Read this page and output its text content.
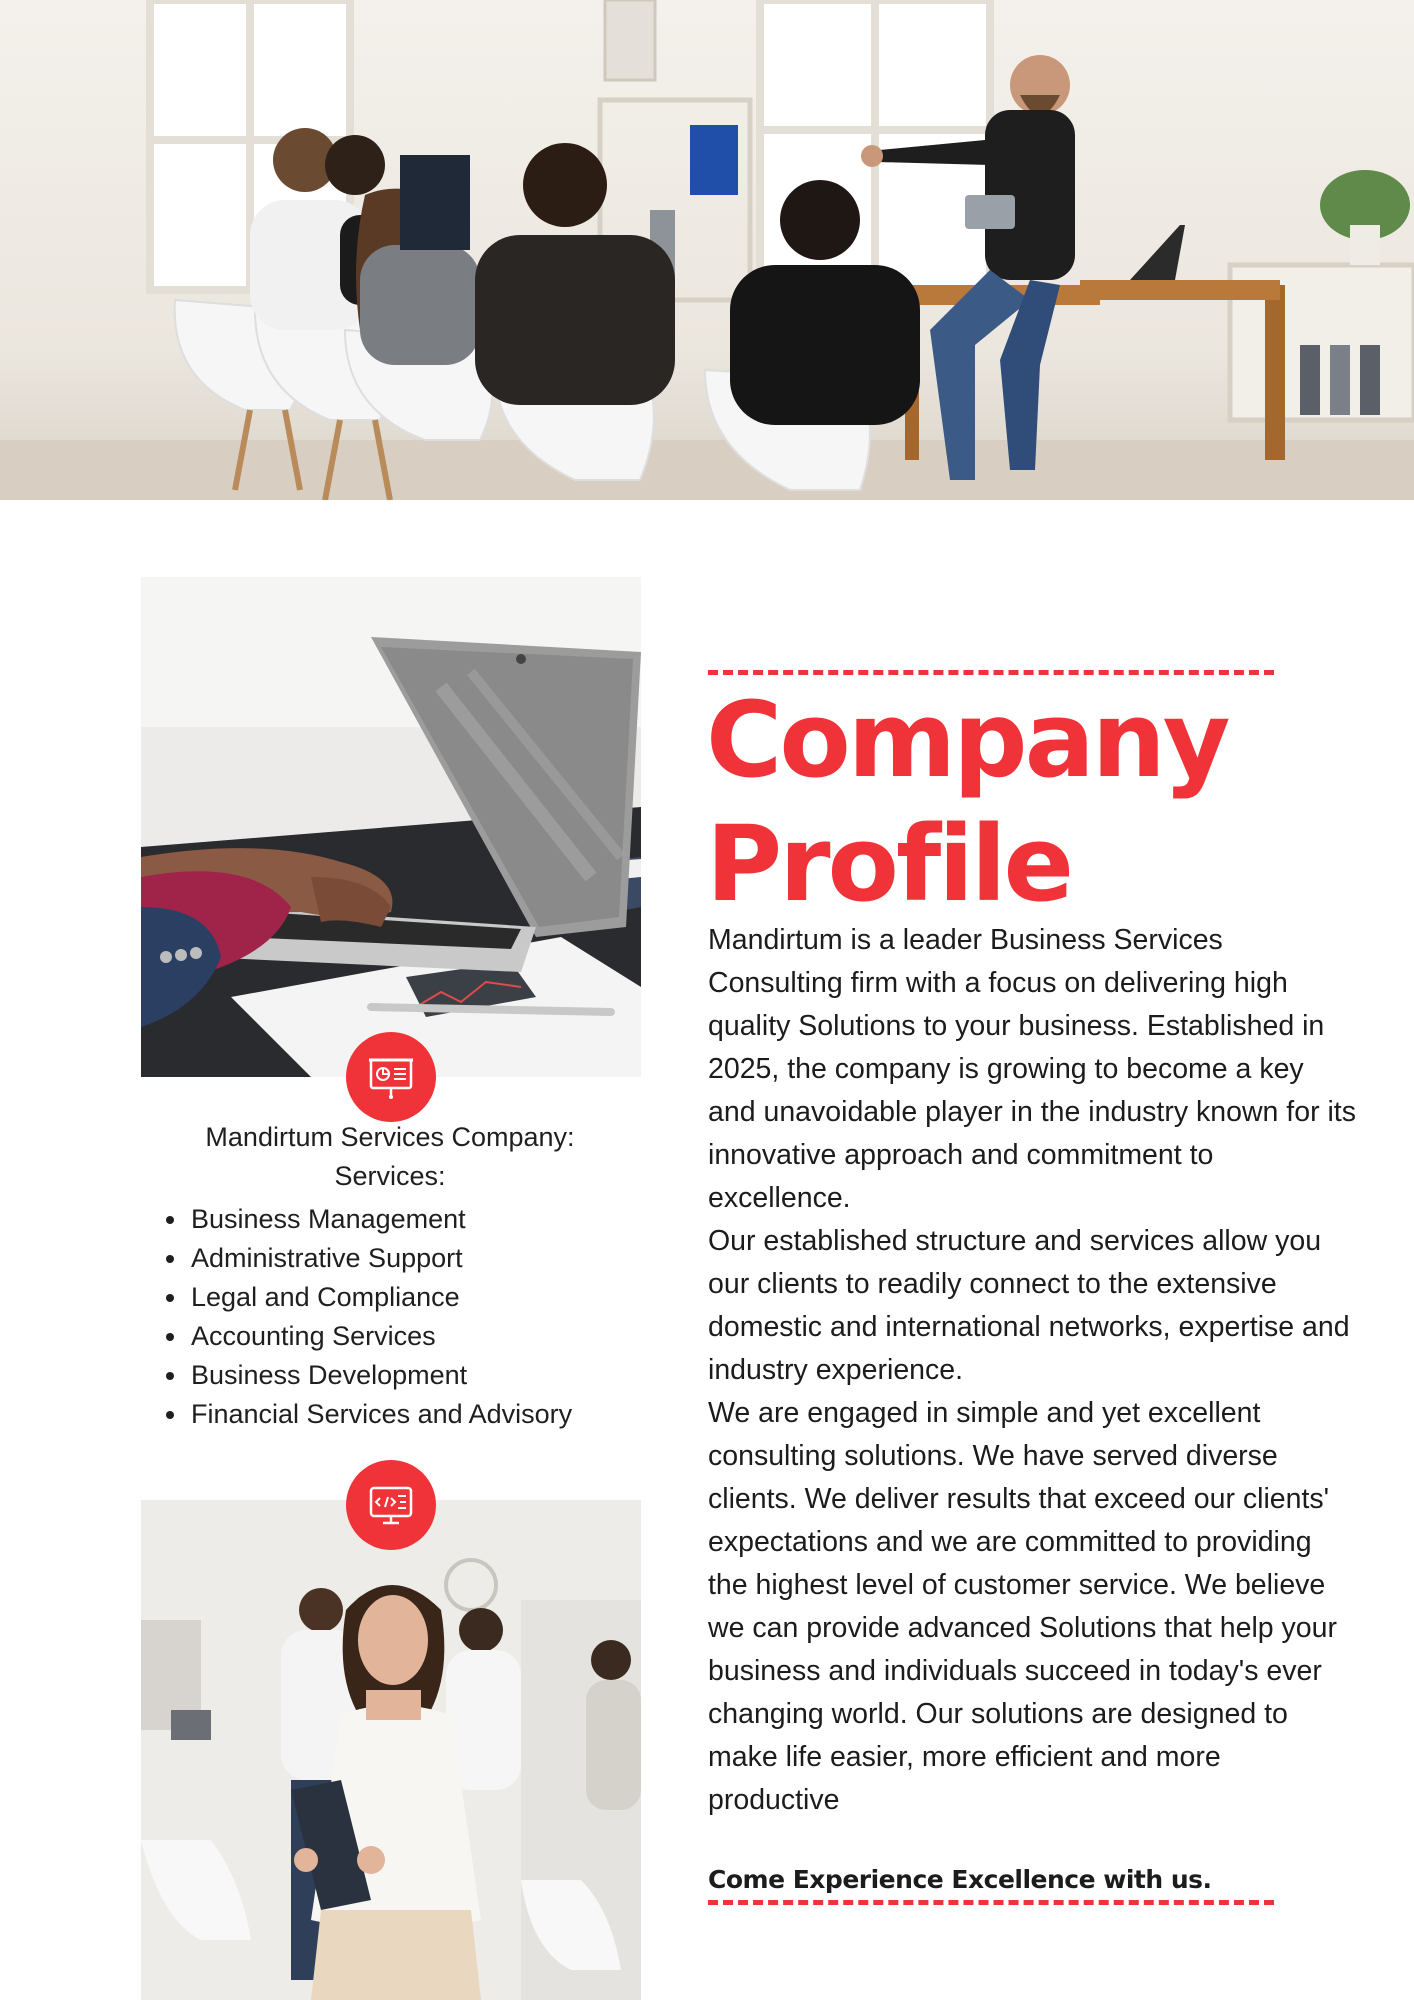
Mandirtum Services Company:
Services:
• Business Management
• Administrative Support
• Legal and Compliance
• Accounting Services
• Business Development
• Financial Services and Advisory
Company
Profile

Mandirtum is a leader Business Services Consulting firm with a focus on delivering high quality Solutions to your business. Established in 2025, the company is growing to become a key and unavoidable player in the industry known for its innovative approach and commitment to excellence.

Our established structure and services allow you our clients to readily connect to the extensive domestic and international networks, expertise and industry experience.

We are engaged in simple and yet excellent consulting solutions. We have served diverse clients. We deliver results that exceed our clients' expectations and we are committed to providing the highest level of customer service. We believe we can provide advanced Solutions that help your business and individuals succeed in today's ever changing world. Our solutions are designed to make life easier, more efficient and more productive

Come Experience Excellence with us.
